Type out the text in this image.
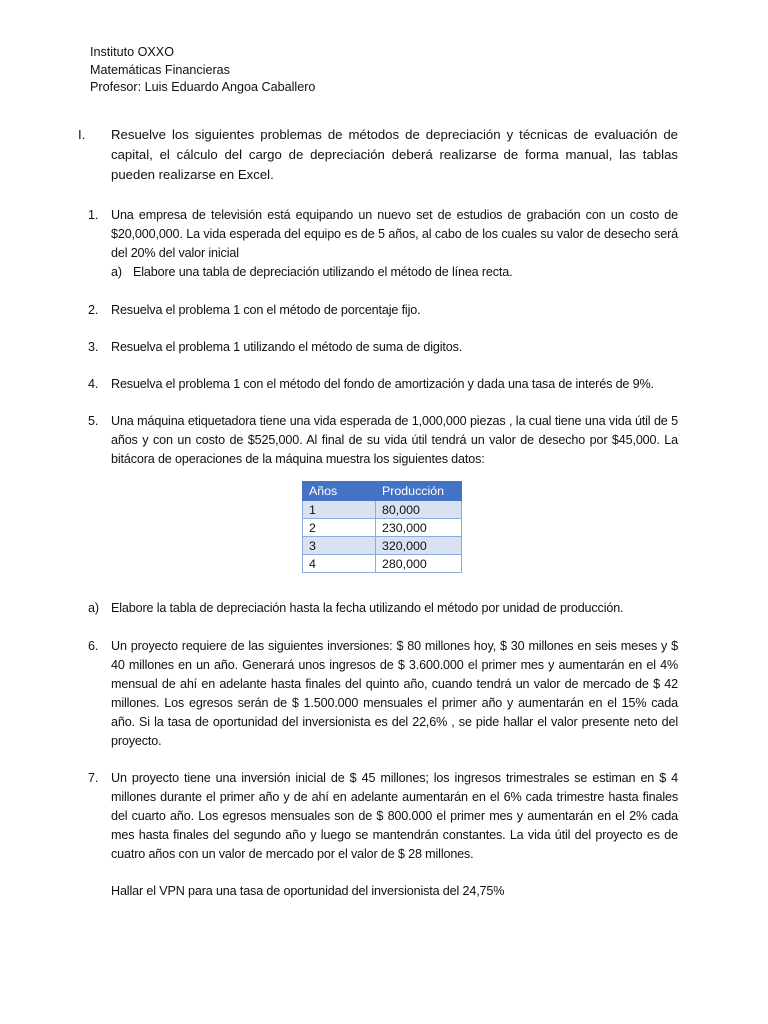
Instituto OXXO
Matemáticas Financieras
Profesor: Luis Eduardo Angoa Caballero
I. Resuelve los siguientes problemas de métodos de depreciación y técnicas de evaluación de capital, el cálculo del cargo de depreciación deberá realizarse de forma manual, las tablas pueden realizarse en Excel.
1. Una empresa de televisión está equipando un nuevo set de estudios de grabación con un costo de $20,000,000. La vida esperada del equipo es de 5 años, al cabo de los cuales su valor de desecho será del 20% del valor inicial
a) Elabore una tabla de depreciación utilizando el método de línea recta.
2. Resuelva el problema 1 con el método de porcentaje fijo.
3. Resuelva el problema 1 utilizando el método de suma de digitos.
4. Resuelva el problema 1 con el método del fondo de amortización y dada una tasa de interés de 9%.
5. Una máquina etiquetadora tiene una vida esperada de 1,000,000 piezas , la cual tiene una vida útil de 5 años y con un costo de $525,000. Al final de su vida útil tendrá un valor de desecho por $45,000. La bitácora de operaciones de la máquina muestra los siguientes datos:
Años	Producción
1	80,000
2	230,000
3	320,000
4	280,000
a) Elabore la tabla de depreciación hasta la fecha utilizando el método por unidad de producción.
6. Un proyecto requiere de las siguientes inversiones: $ 80 millones hoy, $ 30 millones en seis meses y $ 40 millones en un año. Generará unos ingresos de $ 3.600.000 el primer mes y aumentarán en el 4% mensual de ahí en adelante hasta finales del quinto año, cuando tendrá un valor de mercado de $ 42 millones. Los egresos serán de $ 1.500.000 mensuales el primer año y aumentarán en el 15% cada año. Si la tasa de oportunidad del inversionista es del 22,6% , se pide hallar el valor presente neto del proyecto.
7. Un proyecto tiene una inversión inicial de $ 45 millones; los ingresos trimestrales se estiman en $ 4 millones durante el primer año y de ahí en adelante aumentarán en el 6% cada trimestre hasta finales del cuarto año. Los egresos mensuales son de $ 800.000 el primer mes y aumentarán en el 2% cada mes hasta finales del segundo año y luego se mantendrán constantes. La vida útil del proyecto es de cuatro años con un valor de mercado por el valor de $ 28 millones.
Hallar el VPN para una tasa de oportunidad del inversionista del 24,75%
